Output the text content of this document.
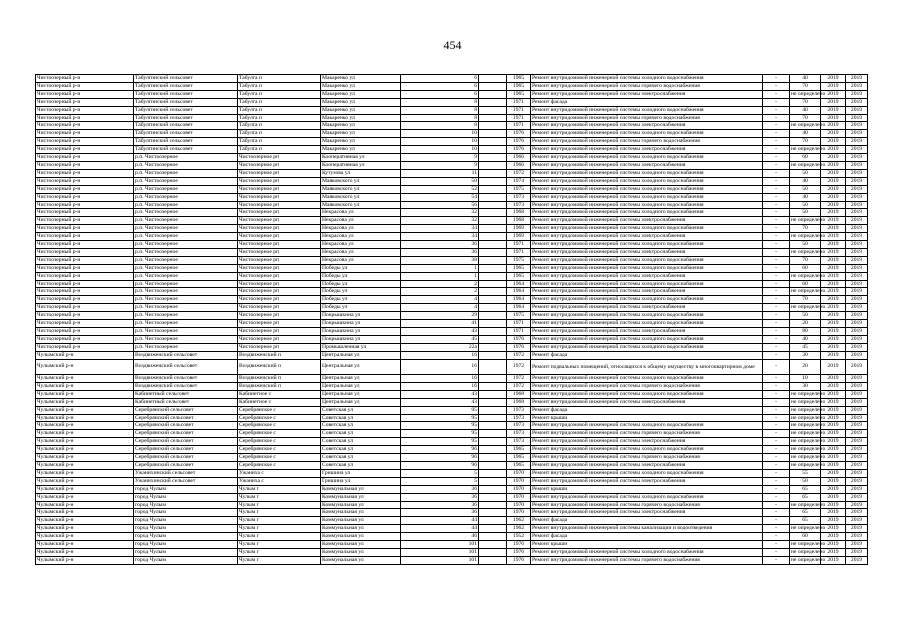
454
Чистоозерный р-н	Табулгинский сельсовет	Табулга п	Макаренко ул	6		1965	Ремонт внутридомовой инженерной системы холодного водоснабжения	-	40	2019	2019
Чистоозерный р-н	Табулгинский сельсовет	Табулга п	Макаренко ул	6		1965	Ремонт внутридомовой инженерной системы горячего водоснабжения	-	70	2019	2019
Чистоозерный р-н	Табулгинский сельсовет	Табулга п	Макаренко ул	6		1965	Ремонт внутридомовой инженерной системы электроснабжения	-	не определено	2019	2019
Чистоозерный р-н	Табулгинский сельсовет	Табулга п	Макаренко ул	8		1971	Ремонт фасада	-	70	2019	2019
Чистоозерный р-н	Табулгинский сельсовет	Табулга п	Макаренко ул	8		1971	Ремонт внутридомовой инженерной системы холодного водоснабжения	-	40	2019	2019
Чистоозерный р-н	Табулгинский сельсовет	Табулга п	Макаренко ул	8		1971	Ремонт внутридомовой инженерной системы горячего водоснабжения	-	70	2019	2019
Чистоозерный р-н	Табулгинский сельсовет	Табулга п	Макаренко ул	8		1971	Ремонт внутридомовой инженерной системы электроснабжения	-	не определено	2019	2019
Чистоозерный р-н	Табулгинский сельсовет	Табулга п	Макаренко ул	10		1976	Ремонт внутридомовой инженерной системы холодного водоснабжения	-	40	2019	2019
Чистоозерный р-н	Табулгинский сельсовет	Табулга п	Макаренко ул	10		1976	Ремонт внутридомовой инженерной системы горячего водоснабжения	-	70	2019	2019
Чистоозерный р-н	Табулгинский сельсовет	Табулга п	Макаренко ул	10		1976	Ремонт внутридомовой инженерной системы электроснабжения	-	не определено	2019	2019
Чистоозерный р-н	р.п. Чистоозерное	Чистоозерное рп	Кооперативная ул	9		1966	Ремонт внутридомовой инженерной системы холодного водоснабжения	-	60	2019	2019
Чистоозерный р-н	р.п. Чистоозерное	Чистоозерное рп	Кооперативная ул	9		1966	Ремонт внутридомовой инженерной системы электроснабжения	-	не определено	2019	2019
Чистоозерный р-н	р.п. Чистоозерное	Чистоозерное рп	Кутузова ул	11		1972	Ремонт внутридомовой инженерной системы холодного водоснабжения	-	50	2019	2019
Чистоозерный р-н	р.п. Чистоозерное	Чистоозерное рп	Маяковского ул	50		1974	Ремонт внутридомовой инженерной системы холодного водоснабжения	-	40	2019	2019
Чистоозерный р-н	р.п. Чистоозерное	Чистоозерное рп	Маяковского ул	52		1975	Ремонт внутридомовой инженерной системы холодного водоснабжения	-	50	2019	2019
Чистоозерный р-н	р.п. Чистоозерное	Чистоозерное рп	Маяковского ул	54		1973	Ремонт внутридомовой инженерной системы холодного водоснабжения	-	40	2019	2019
Чистоозерный р-н	р.п. Чистоозерное	Чистоозерное рп	Маяковского ул	56		1973	Ремонт внутридомовой инженерной системы холодного водоснабжения	-	50	2019	2019
Чистоозерный р-н	р.п. Чистоозерное	Чистоозерное рп	Некрасова ул	32		1968	Ремонт внутридомовой инженерной системы холодного водоснабжения	-	50	2019	2019
Чистоозерный р-н	р.п. Чистоозерное	Чистоозерное рп	Некрасова ул	32		1968	Ремонт внутридомовой инженерной системы электроснабжения	-	не определено	2019	2019
Чистоозерный р-н	р.п. Чистоозерное	Чистоозерное рп	Некрасова ул	34		1969	Ремонт внутридомовой инженерной системы холодного водоснабжения	-	70	2019	2019
Чистоозерный р-н	р.п. Чистоозерное	Чистоозерное рп	Некрасова ул	34		1969	Ремонт внутридомовой инженерной системы электроснабжения	-	не определено	2019	2019
Чистоозерный р-н	р.п. Чистоозерное	Чистоозерное рп	Некрасова ул	36		1971	Ремонт внутридомовой инженерной системы холодного водоснабжения	-	50	2019	2019
Чистоозерный р-н	р.п. Чистоозерное	Чистоозерное рп	Некрасова ул	36		1971	Ремонт внутридомовой инженерной системы электроснабжения	-	не определено	2019	2019
Чистоозерный р-н	р.п. Чистоозерное	Чистоозерное рп	Некрасова ул	38		1975	Ремонт внутридомовой инженерной системы холодного водоснабжения	-	70	2019	2019
Чистоозерный р-н	р.п. Чистоозерное	Чистоозерное рп	Победы ул	1		1965	Ремонт внутридомовой инженерной системы холодного водоснабжения	-	60	2019	2019
Чистоозерный р-н	р.п. Чистоозерное	Чистоозерное рп	Победы ул	1		1965	Ремонт внутридомовой инженерной системы электроснабжения	-	не определено	2019	2019
Чистоозерный р-н	р.п. Чистоозерное	Чистоозерное рп	Победы ул	2		1964	Ремонт внутридомовой инженерной системы холодного водоснабжения	-	60	2019	2019
Чистоозерный р-н	р.п. Чистоозерное	Чистоозерное рп	Победы ул	2		1964	Ремонт внутридомовой инженерной системы электроснабжения	-	не определено	2019	2019
Чистоозерный р-н	р.п. Чистоозерное	Чистоозерное рп	Победы ул	4		1964	Ремонт внутридомовой инженерной системы холодного водоснабжения	-	70	2019	2019
Чистоозерный р-н	р.п. Чистоозерное	Чистоозерное рп	Победы ул	4		1964	Ремонт внутридомовой инженерной системы электроснабжения	-	не определено	2019	2019
Чистоозерный р-н	р.п. Чистоозерное	Чистоозерное рп	Покрышкина ул	29		1975	Ремонт внутридомовой инженерной системы холодного водоснабжения	-	50	2019	2019
Чистоозерный р-н	р.п. Чистоозерное	Чистоозерное рп	Покрышкина ул	41		1971	Ремонт внутридомовой инженерной системы холодного водоснабжения	-	20	2019	2019
Чистоозерный р-н	р.п. Чистоозерное	Чистоозерное рп	Покрышкина ул	43		1971	Ремонт внутридомовой инженерной системы электроснабжения	-	80	2019	2019
Чистоозерный р-н	р.п. Чистоозерное	Чистоозерное рп	Покрышкина ул	45		1976	Ремонт внутридомовой инженерной системы холодного водоснабжения	-	40	2019	2019
Чистоозерный р-н	р.п. Чистоозерное	Чистоозерное рп	Промышленная ул	22а		1976	Ремонт внутридомовой инженерной системы холодного водоснабжения	-	45	2019	2019
Чулымский р-н	Воздвиженский сельсовет	Воздвиженский п	Центральная ул	16		1972	Ремонт фасада	-	30	2019	2019
Чулымский р-н	Воздвиженский сельсовет	Воздвиженский п	Центральная ул	16		1972	Ремонт подвальных помещений, относящихся к общему имуществу в многоквартирном доме	-	20	2019	2019
Чулымский р-н	Воздвиженский сельсовет	Воздвиженский п	Центральная ул	16		1972	Ремонт внутридомовой инженерной системы холодного водоснабжения	-	10	2019	2019
Чулымский р-н	Воздвиженский сельсовет	Воздвиженский п	Центральная ул	16		1972	Ремонт внутридомовой инженерной системы горячего водоснабжения	-	30	2019	2019
Чулымский р-н	Кабинетный сельсовет	Кабинетное с	Центральная ул	43		1968	Ремонт внутридомовой инженерной системы холодного водоснабжения	-	не определено	2019	2019
Чулымский р-н	Кабинетный сельсовет	Кабинетное с	Центральная ул	43		1968	Ремонт внутридомовой инженерной системы электроснабжения	-	не определено	2019	2019
Чулымский р-н	Серебрянский сельсовет	Серебрянское с	Советская ул	95		1973	Ремонт фасада	-	не определено	2019	2019
Чулымский р-н	Серебрянский сельсовет	Серебрянское с	Советская ул	95		1973	Ремонт крыши	-	не определено	2019	2019
Чулымский р-н	Серебрянский сельсовет	Серебрянское с	Советская ул	95		1973	Ремонт внутридомовой инженерной системы холодного водоснабжения	-	не определено	2019	2019
Чулымский р-н	Серебрянский сельсовет	Серебрянское с	Советская ул	95		1973	Ремонт внутридомовой инженерной системы горячего водоснабжения	-	не определено	2019	2019
Чулымский р-н	Серебрянский сельсовет	Серебрянское с	Советская ул	95		1973	Ремонт внутридомовой инженерной системы электроснабжения	-	не определено	2019	2019
Чулымский р-н	Серебрянский сельсовет	Серебрянское с	Советская ул	96		1965	Ремонт внутридомовой инженерной системы холодного водоснабжения	-	не определено	2019	2019
Чулымский р-н	Серебрянский сельсовет	Серебрянское с	Советская ул	96		1965	Ремонт внутридомовой инженерной системы горячего водоснабжения	-	не определено	2019	2019
Чулымский р-н	Серебрянский сельсовет	Серебрянское с	Советская ул	96		1965	Ремонт внутридомовой инженерной системы электроснабжения	-	не определено	2019	2019
Чулымский р-н	Ужанихинский сельсовет	Ужаниха с	Гришина ул	5		1970	Ремонт внутридомовой инженерной системы холодного водоснабжения	-	55	2019	2019
Чулымский р-н	Ужанихинский сельсовет	Ужаниха с	Гришина ул	5		1970	Ремонт внутридомовой инженерной системы электроснабжения	-	50	2019	2019
Чулымский р-н	город Чулым	Чулым г	Коммунальная ул	36		1970	Ремонт крыши	-	65	2019	2019
Чулымский р-н	город Чулым	Чулым г	Коммунальная ул	36		1970	Ремонт внутридомовой инженерной системы холодного водоснабжения	-	65	2019	2019
Чулымский р-н	город Чулым	Чулым г	Коммунальная ул	36		1970	Ремонт внутридомовой инженерной системы горячего водоснабжения	-	не определено	2019	2019
Чулымский р-н	город Чулым	Чулым г	Коммунальная ул	36		1970	Ремонт внутридомовой инженерной системы электроснабжения	-	65	2019	2019
Чулымский р-н	город Чулым	Чулым г	Коммунальная ул	44		1962	Ремонт фасада	-	65	2019	2019
Чулымский р-н	город Чулым	Чулым г	Коммунальная ул	44		1962	Ремонт внутридомовой инженерной системы канализации и водоотведения	-	не определено	2019	2019
Чулымский р-н	город Чулым	Чулым г	Коммунальная ул	46		1952	Ремонт фасада	-	60	2019	2019
Чулымский р-н	город Чулым	Чулым г	Коммунальная ул	101		1976	Ремонт крыши	-	не определено	2019	2019
Чулымский р-н	город Чулым	Чулым г	Коммунальная ул	101		1976	Ремонт внутридомовой инженерной системы холодного водоснабжения	-	не определено	2019	2019
Чулымский р-н	город Чулым	Чулым г	Коммунальная ул	101		1976	Ремонт внутридомовой инженерной системы горячего водоснабжения	-	не определено	2019	2019
